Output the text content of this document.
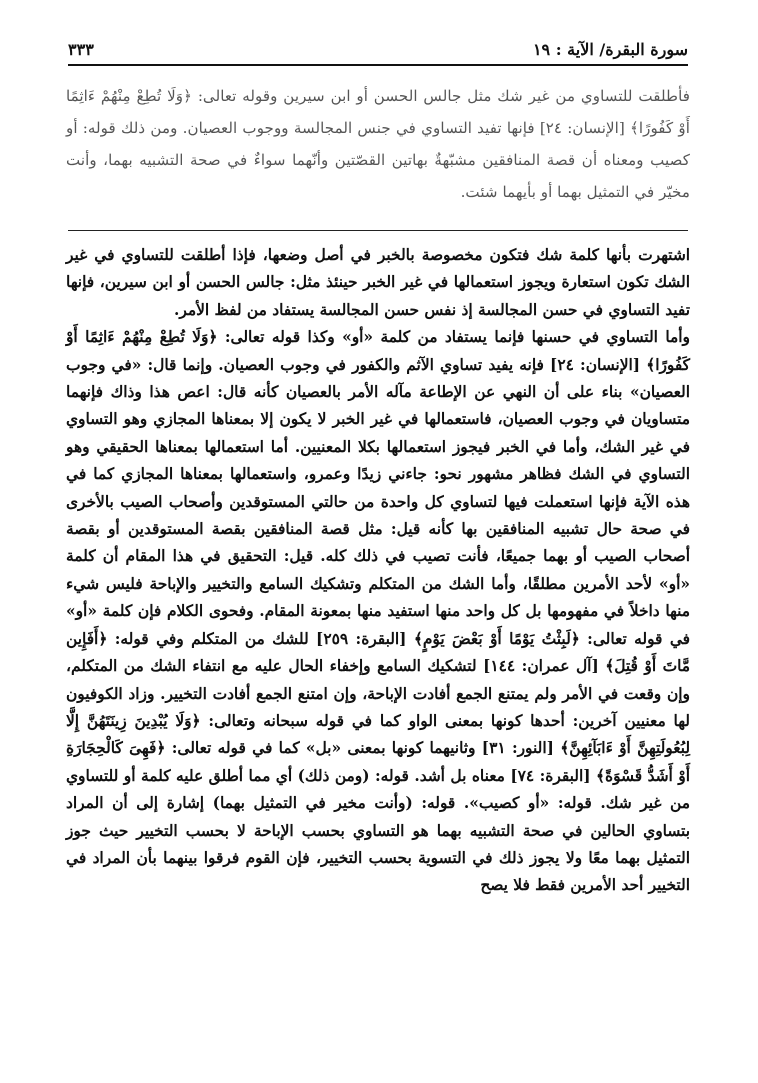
سورة البقرة/ الآية : ١٩
٣٣٣

فأطلقت للتساوي من غير شك مثل جالس الحسن أو ابن سيرين وقوله تعالى: ﴿وَلَا تُطِعْ مِنْهُمْ ءَاثِمًا أَوْ كَفُورًا﴾ [الإنسان: ٢٤] فإنها تفيد التساوي في جنس المجالسة ووجوب العصيان. ومن ذلك قوله: أو كصيب ومعناه أن قصة المنافقين مشبّهةٌ بهاتين القصّتين وأنّهما سواءٌ في صحة التشبيه بهما، وأنت مخيّر في التمثيل بهما أو بأيهما شئت.

اشتهرت بأنها كلمة شك فتكون مخصوصة بالخبر في أصل وضعها، فإذا أطلقت للتساوي في غير الشك تكون استعارة ويجوز استعمالها في غير الخبر حينئذ مثل: جالس الحسن أو ابن سيرين، فإنها تفيد التساوي في حسن المجالسة إذ نفس حسن المجالسة يستفاد من لفظ الأمر.

وأما التساوي في حسنها فإنما يستفاد من كلمة «أو» وكذا قوله تعالى: ﴿وَلَا تُطِعْ مِنْهُمْ ءَاثِمًا أَوْ كَفُورًا﴾ [الإنسان: ٢٤] فإنه يفيد تساوي الآثم والكفور في وجوب العصيان. وإنما قال: «في وجوب العصيان» بناء على أن النهي عن الإطاعة مآله الأمر بالعصيان كأنه قال: اعص هذا وذاك فإنهما متساويان في وجوب العصيان، فاستعمالها في غير الخبر لا يكون إلا بمعناها المجازي وهو التساوي في غير الشك، وأما في الخبر فيجوز استعمالها بكلا المعنيين. أما استعمالها بمعناها الحقيقي وهو التساوي في الشك فظاهر مشهور نحو: جاءني زيدًا وعمرو، واستعمالها بمعناها المجازي كما في هذه الآية فإنها استعملت فيها لتساوي كل واحدة من حالتي المستوقدين وأصحاب الصيب بالأخرى في صحة حال تشبيه المنافقين بها كأنه قيل: مثل قصة المنافقين بقصة المستوقدين أو بقصة أصحاب الصيب أو بهما جميعًا، فأنت تصيب في ذلك كله. قيل: التحقيق في هذا المقام أن كلمة «أو» لأحد الأمرين مطلقًا، وأما الشك من المتكلم وتشكيك السامع والتخيير والإباحة فليس شيء منها داخلاً في مفهومها بل كل واحد منها استفيد منها بمعونة المقام. وفحوى الكلام فإن كلمة «أو» في قوله تعالى: ﴿لَبِثْتُ يَوْمًا أَوْ بَعْضَ يَوْمٍ﴾ [البقرة: ٢٥٩] للشك من المتكلم وفي قوله: ﴿أَفَإِين مَّاتَ أَوْ قُتِلَ﴾ [آل عمران: ١٤٤] لتشكيك السامع وإخفاء الحال عليه مع انتفاء الشك من المتكلم، وإن وقعت في الأمر ولم يمتنع الجمع أفادت الإباحة، وإن امتنع الجمع أفادت التخيير. وزاد الكوفيون لها معنيين آخرين: أحدها كونها بمعنى الواو كما في قوله سبحانه وتعالى: ﴿وَلَا يُبْدِينَ زِينَتَهُنَّ إِلَّا لِبُعُولَتِهِنَّ أَوْ ءَابَآئِهِنَّ﴾ [النور: ٣١] وثانيهما كونها بمعنى «بل» كما في قوله تعالى: ﴿فَهِىَ كَالْحِجَارَةِ أَوْ أَشَدُّ قَسْوَةً﴾ [البقرة: ٧٤] معناه بل أشد. قوله: (ومن ذلك) أي مما أطلق عليه كلمة أو للتساوي من غير شك. قوله: «أو كصيب». قوله: (وأنت مخير في التمثيل بهما) إشارة إلى أن المراد بتساوي الحالين في صحة التشبيه بهما هو التساوي بحسب الإباحة لا بحسب التخيير حيث جوز التمثيل بهما معًا ولا يجوز ذلك في التسوية بحسب التخيير، فإن القوم فرقوا بينهما بأن المراد في التخيير أحد الأمرين فقط فلا يصح
